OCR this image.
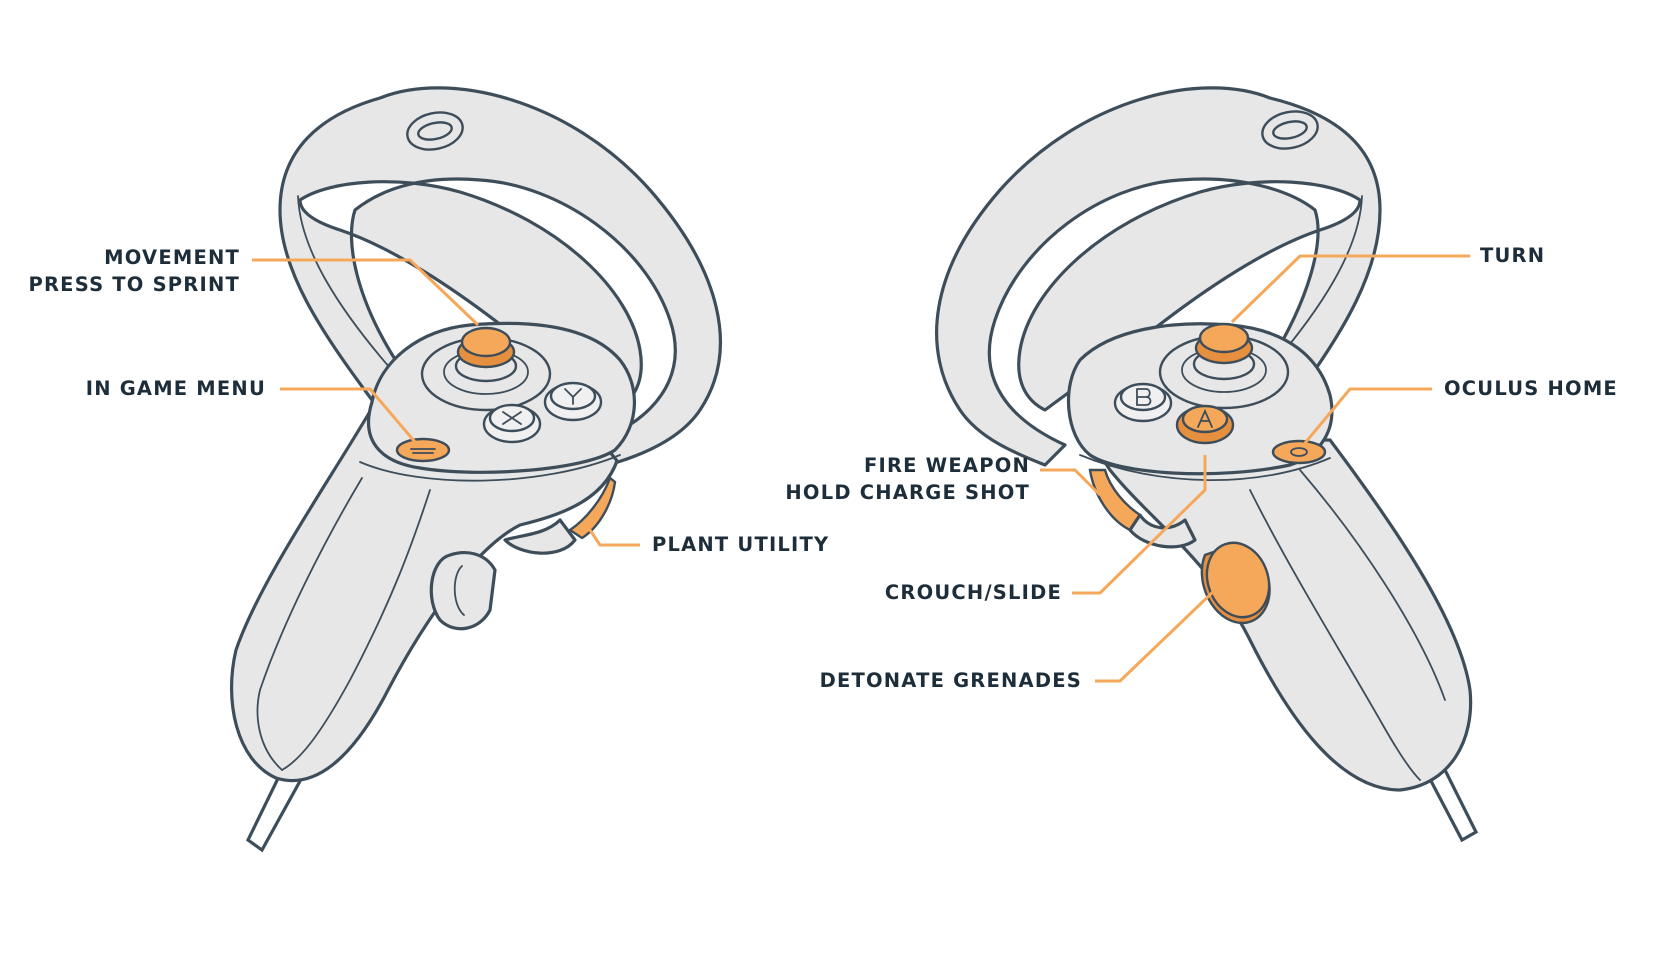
MOVEMENT
PRESS TO SPRINT
IN GAME MENU
PLANT UTILITY
TURN
OCULUS HOME
FIRE WEAPON
HOLD CHARGE SHOT
CROUCH/SLIDE
DETONATE GRENADES
